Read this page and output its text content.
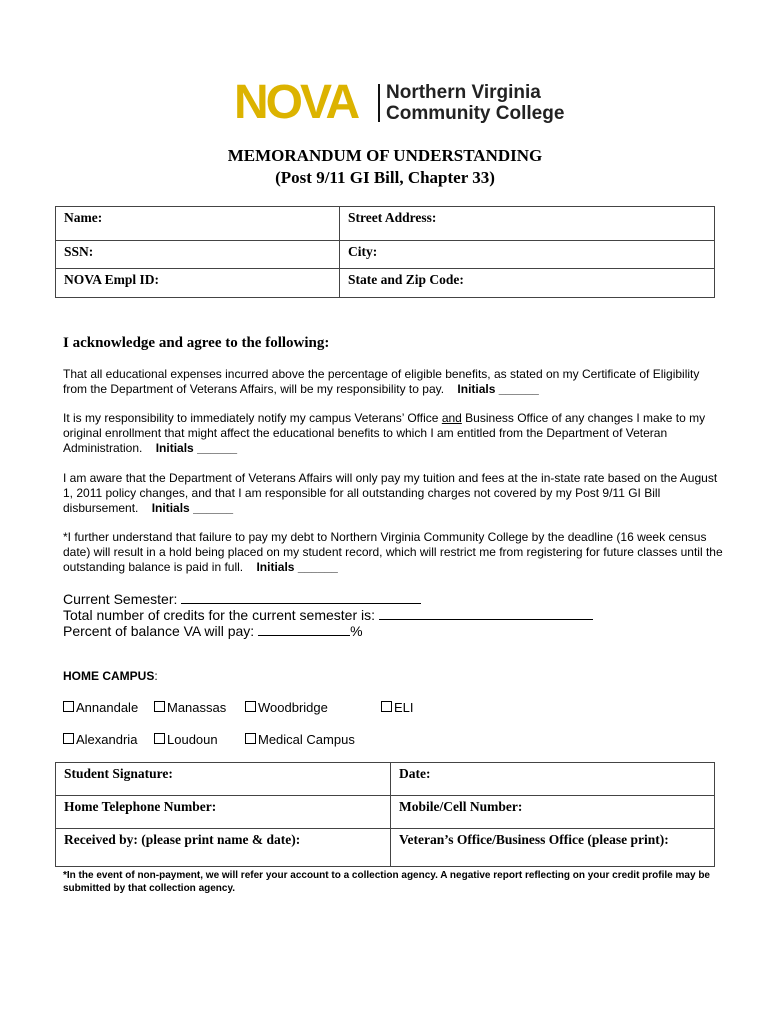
NOVA Northern Virginia
Community College
MEMORANDUM OF UNDERSTANDING
(Post 9/11 GI Bill, Chapter 33)
Name:	Street Address:
SSN:	City:
NOVA Empl ID:	State and Zip Code:
I acknowledge and agree to the following:
That all educational expenses incurred above the percentage of eligible benefits, as stated on my Certificate of Eligibility from the Department of Veterans Affairs, will be my responsibility to pay. Initials ______
It is my responsibility to immediately notify my campus Veterans’ Office and Business Office of any changes I make to my original enrollment that might affect the educational benefits to which I am entitled from the Department of Veteran Administration. Initials ______
I am aware that the Department of Veterans Affairs will only pay my tuition and fees at the in-state rate based on the August 1, 2011 policy changes, and that I am responsible for all outstanding charges not covered by my Post 9/11 GI Bill disbursement. Initials ______
*I further understand that failure to pay my debt to Northern Virginia Community College by the deadline (16 week census date) will result in a hold being placed on my student record, which will restrict me from registering for future classes until the outstanding balance is paid in full. Initials ______
Current Semester:
Total number of credits for the current semester is:
Percent of balance VA will pay:	%
HOME CAMPUS:
Annandale	Manassas	Woodbridge	ELI
Alexandria	Loudoun	Medical Campus
Student Signature:	Date:
Home Telephone Number:	Mobile/Cell Number:
Received by: (please print name & date):	Veteran’s Office/Business Office (please print):
*In the event of non-payment, we will refer your account to a collection agency. A negative report reflecting on your credit profile may be submitted by that collection agency.
